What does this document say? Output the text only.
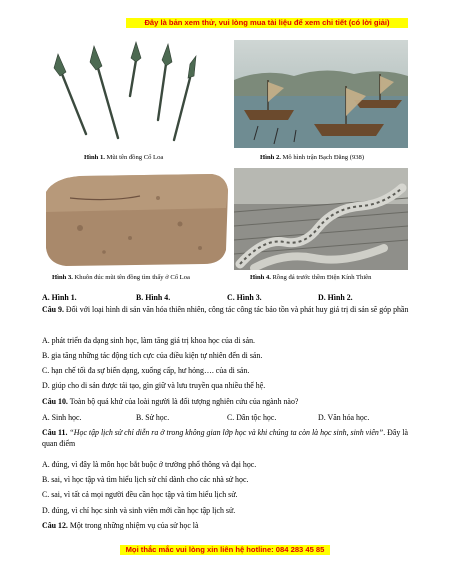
Đây là bản xem thử, vui lòng mua tài liệu để xem chi tiết (có lời giải)
Hình 1. Mũi tên đồng Cổ Loa	Hình 2. Mô hình trận Bạch Đằng (938)
Hình 3. Khuôn đúc mũi tên đồng tìm thấy ở Cổ Loa	Hình 4. Rồng đá trước thềm Điện Kính Thiên
A. Hình 1.	B. Hình 4.	C. Hình 3.	D. Hình 2.
Câu 9. Đối với loại hình di sản văn hóa thiên nhiên, công tác công tác bảo tồn và phát huy giá trị di sản sẽ góp phần
A. phát triển đa dạng sinh học, làm tăng giá trị khoa học của di sản.
B. gia tăng những tác động tích cực của điều kiện tự nhiên đến di sản.
C. hạn chế tối đa sự biến dạng, xuống cấp, hư hỏng…. của di sản.
D. giúp cho di sản được tái tạo, gìn giữ và lưu truyền qua nhiều thế hệ.
Câu 10. Toàn bộ quá khứ của loài người là đối tượng nghiên cứu của ngành nào?
A. Sinh học.	B. Sử học.	C. Dân tộc học.	D. Văn hóa học.
Câu 11. “Học tập lịch sử chỉ diễn ra ở trong không gian lớp học và khi chúng ta còn là học sinh, sinh viên”. Đây là quan điểm
A. đúng, vì đây là môn học bắt buộc ở trường phổ thông và đại học.
B. sai, vì học tập và tìm hiểu lịch sử chỉ dành cho các nhà sử học.
C. sai, vì tất cả mọi người đều cần học tập và tìm hiểu lịch sử.
D. đúng, vì chỉ học sinh và sinh viên mới cần học tập lịch sử.
Câu 12. Một trong những nhiệm vụ của sử học là
Mọi thắc mắc vui lòng xin liên hệ hotline: 084 283 45 85
